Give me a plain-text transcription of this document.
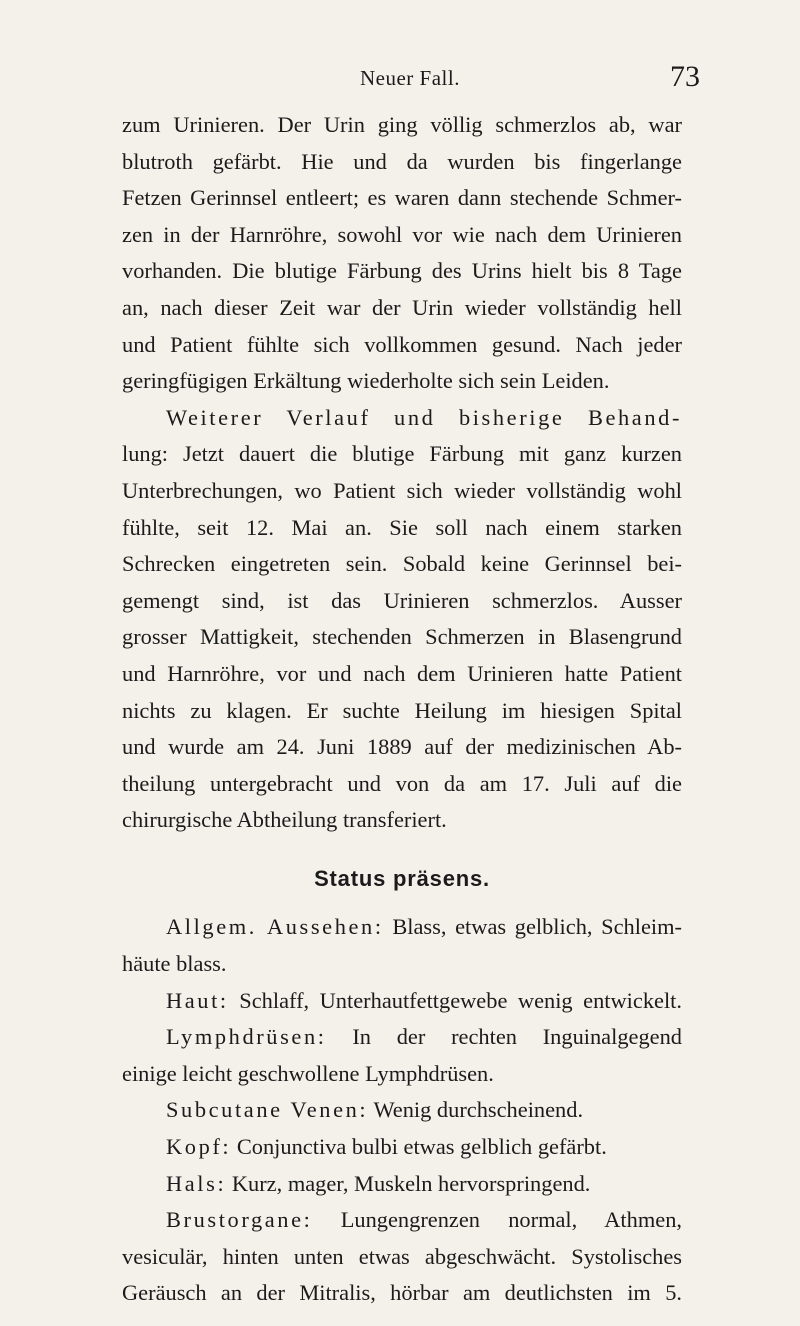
Neuer Fall.	73
zum Urinieren. Der Urin ging völlig schmerzlos ab, war
blutroth gefärbt. Hie und da wurden bis fingerlange
Fetzen Gerinnsel entleert; es waren dann stechende Schmer-
zen in der Harnröhre, sowohl vor wie nach dem Urinieren
vorhanden. Die blutige Färbung des Urins hielt bis 8 Tage
an, nach dieser Zeit war der Urin wieder vollständig hell
und Patient fühlte sich vollkommen gesund. Nach jeder
geringfügigen Erkältung wiederholte sich sein Leiden.
Weiterer Verlauf und bisherige Behand-
lung: Jetzt dauert die blutige Färbung mit ganz kurzen
Unterbrechungen, wo Patient sich wieder vollständig wohl
fühlte, seit 12. Mai an. Sie soll nach einem starken
Schrecken eingetreten sein. Sobald keine Gerinnsel bei-
gemengt sind, ist das Urinieren schmerzlos. Ausser
grosser Mattigkeit, stechenden Schmerzen in Blasengrund
und Harnröhre, vor und nach dem Urinieren hatte Patient
nichts zu klagen. Er suchte Heilung im hiesigen Spital
und wurde am 24. Juni 1889 auf der medizinischen Ab-
theilung untergebracht und von da am 17. Juli auf die
chirurgische Abtheilung transferiert.
Status präsens.
Allgem. Aussehen: Blass, etwas gelblich, Schleim-
häute blass.
Haut: Schlaff, Unterhautfettgewebe wenig entwickelt.
Lymphdrüsen: In der rechten Inguinalgegend
einige leicht geschwollene Lymphdrüsen.
Subcutane Venen: Wenig durchscheinend.
Kopf: Conjunctiva bulbi etwas gelblich gefärbt.
Hals: Kurz, mager, Muskeln hervorspringend.
Brustorgane: Lungengrenzen normal, Athmen,
vesiculär, hinten unten etwas abgeschwächt. Systolisches
Geräusch an der Mitralis, hörbar am deutlichsten im 5.
